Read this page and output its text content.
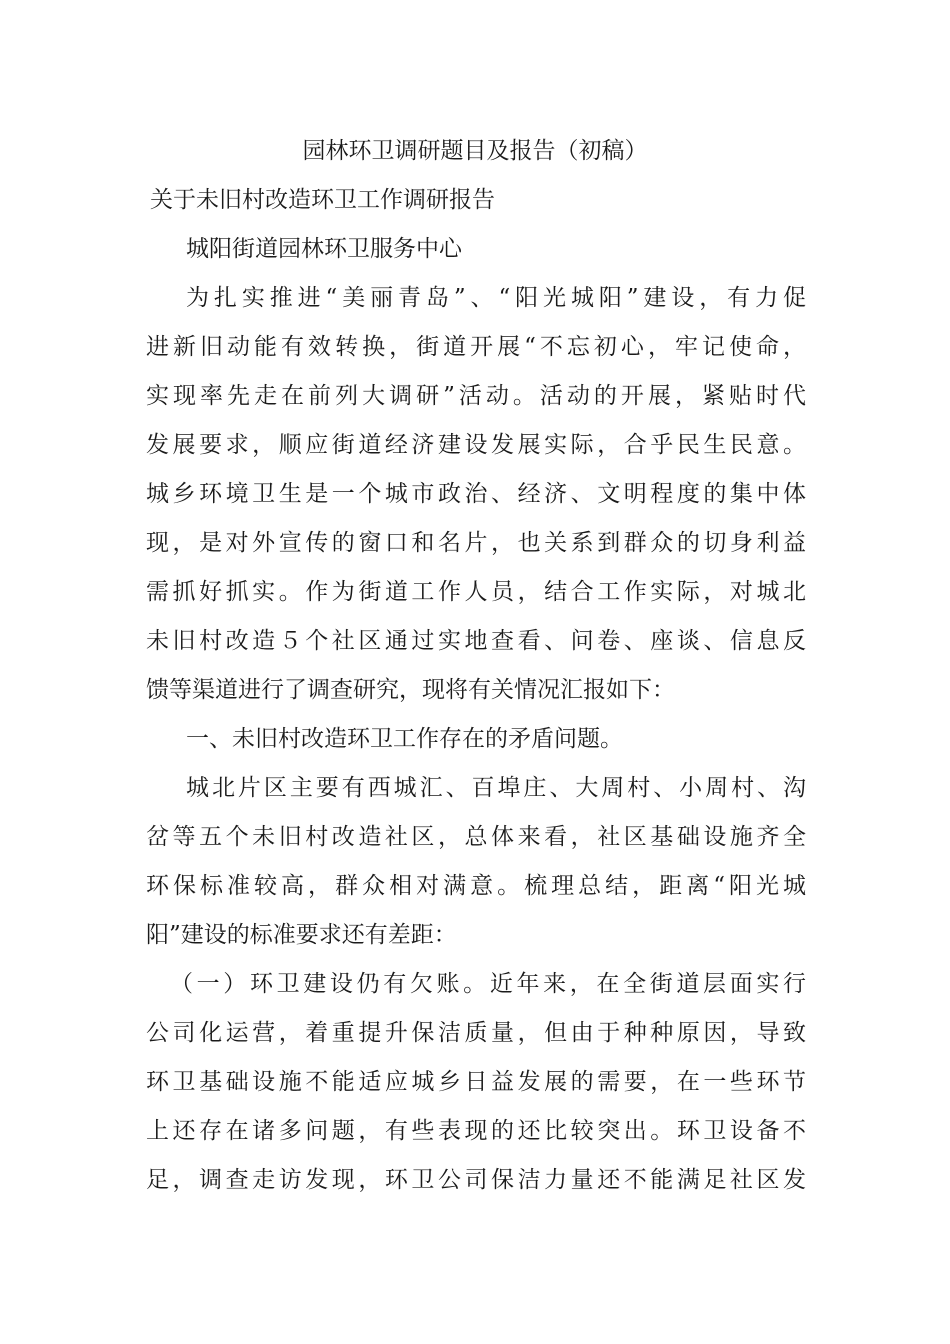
园林环卫调研题目及报告（初稿）
关于未旧村改造环卫工作调研报告
城阳街道园林环卫服务中心
为扎实推进“美丽青岛”、“阳光城阳”建设，有力促
进新旧动能有效转换，街道开展“不忘初心，牢记使命，
实现率先走在前列大调研”活动。活动的开展，紧贴时代
发展要求，顺应街道经济建设发展实际，合乎民生民意。
城乡环境卫生是一个城市政治、经济、文明程度的集中体
现，是对外宣传的窗口和名片，也关系到群众的切身利益
需抓好抓实。作为街道工作人员，结合工作实际，对城北
未旧村改造５个社区通过实地查看、问卷、座谈、信息反
馈等渠道进行了调查研究，现将有关情况汇报如下：
一、未旧村改造环卫工作存在的矛盾问题。
城北片区主要有西城汇、百埠庄、大周村、小周村、沟
岔等五个未旧村改造社区，总体来看，社区基础设施齐全
环保标准较高，群众相对满意。梳理总结，距离“阳光城
阳”建设的标准要求还有差距：
（一）环卫建设仍有欠账。近年来，在全街道层面实行
公司化运营，着重提升保洁质量，但由于种种原因，导致
环卫基础设施不能适应城乡日益发展的需要，在一些环节
上还存在诸多问题，有些表现的还比较突出。环卫设备不
足，调查走访发现，环卫公司保洁力量还不能满足社区发
